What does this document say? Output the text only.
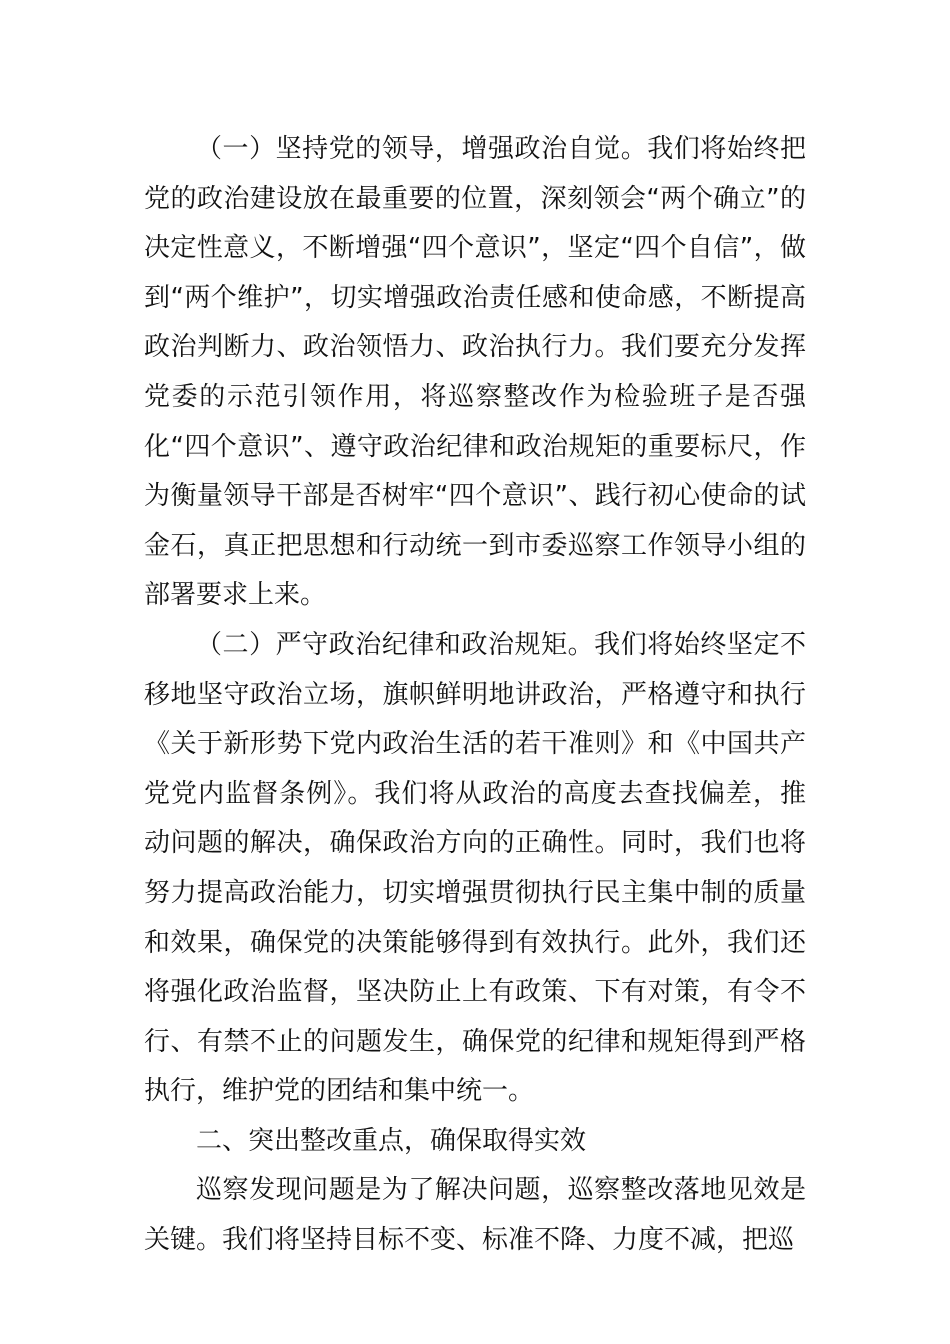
（一）坚持党的领导，增强政治自觉。我们将始终把党的政治建设放在最重要的位置，深刻领会“两个确立”的决定性意义，不断增强“四个意识”，坚定“四个自信”，做到“两个维护”，切实增强政治责任感和使命感，不断提高政治判断力、政治领悟力、政治执行力。我们要充分发挥党委的示范引领作用，将巡察整改作为检验班子是否强化“四个意识”、遵守政治纪律和政治规矩的重要标尺，作为衡量领导干部是否树牢“四个意识”、践行初心使命的试金石，真正把思想和行动统一到市委巡察工作领导小组的部署要求上来。

（二）严守政治纪律和政治规矩。我们将始终坚定不移地坚守政治立场，旗帜鲜明地讲政治，严格遵守和执行《关于新形势下党内政治生活的若干准则》和《中国共产党党内监督条例》。我们将从政治的高度去查找偏差，推动问题的解决，确保政治方向的正确性。同时，我们也将努力提高政治能力，切实增强贯彻执行民主集中制的质量和效果，确保党的决策能够得到有效执行。此外，我们还将强化政治监督，坚决防止上有政策、下有对策，有令不行、有禁不止的问题发生，确保党的纪律和规矩得到严格执行，维护党的团结和集中统一。

二、突出整改重点，确保取得实效

巡察发现问题是为了解决问题，巡察整改落地见效是关键。我们将坚持目标不变、标准不降、力度不减，把巡
